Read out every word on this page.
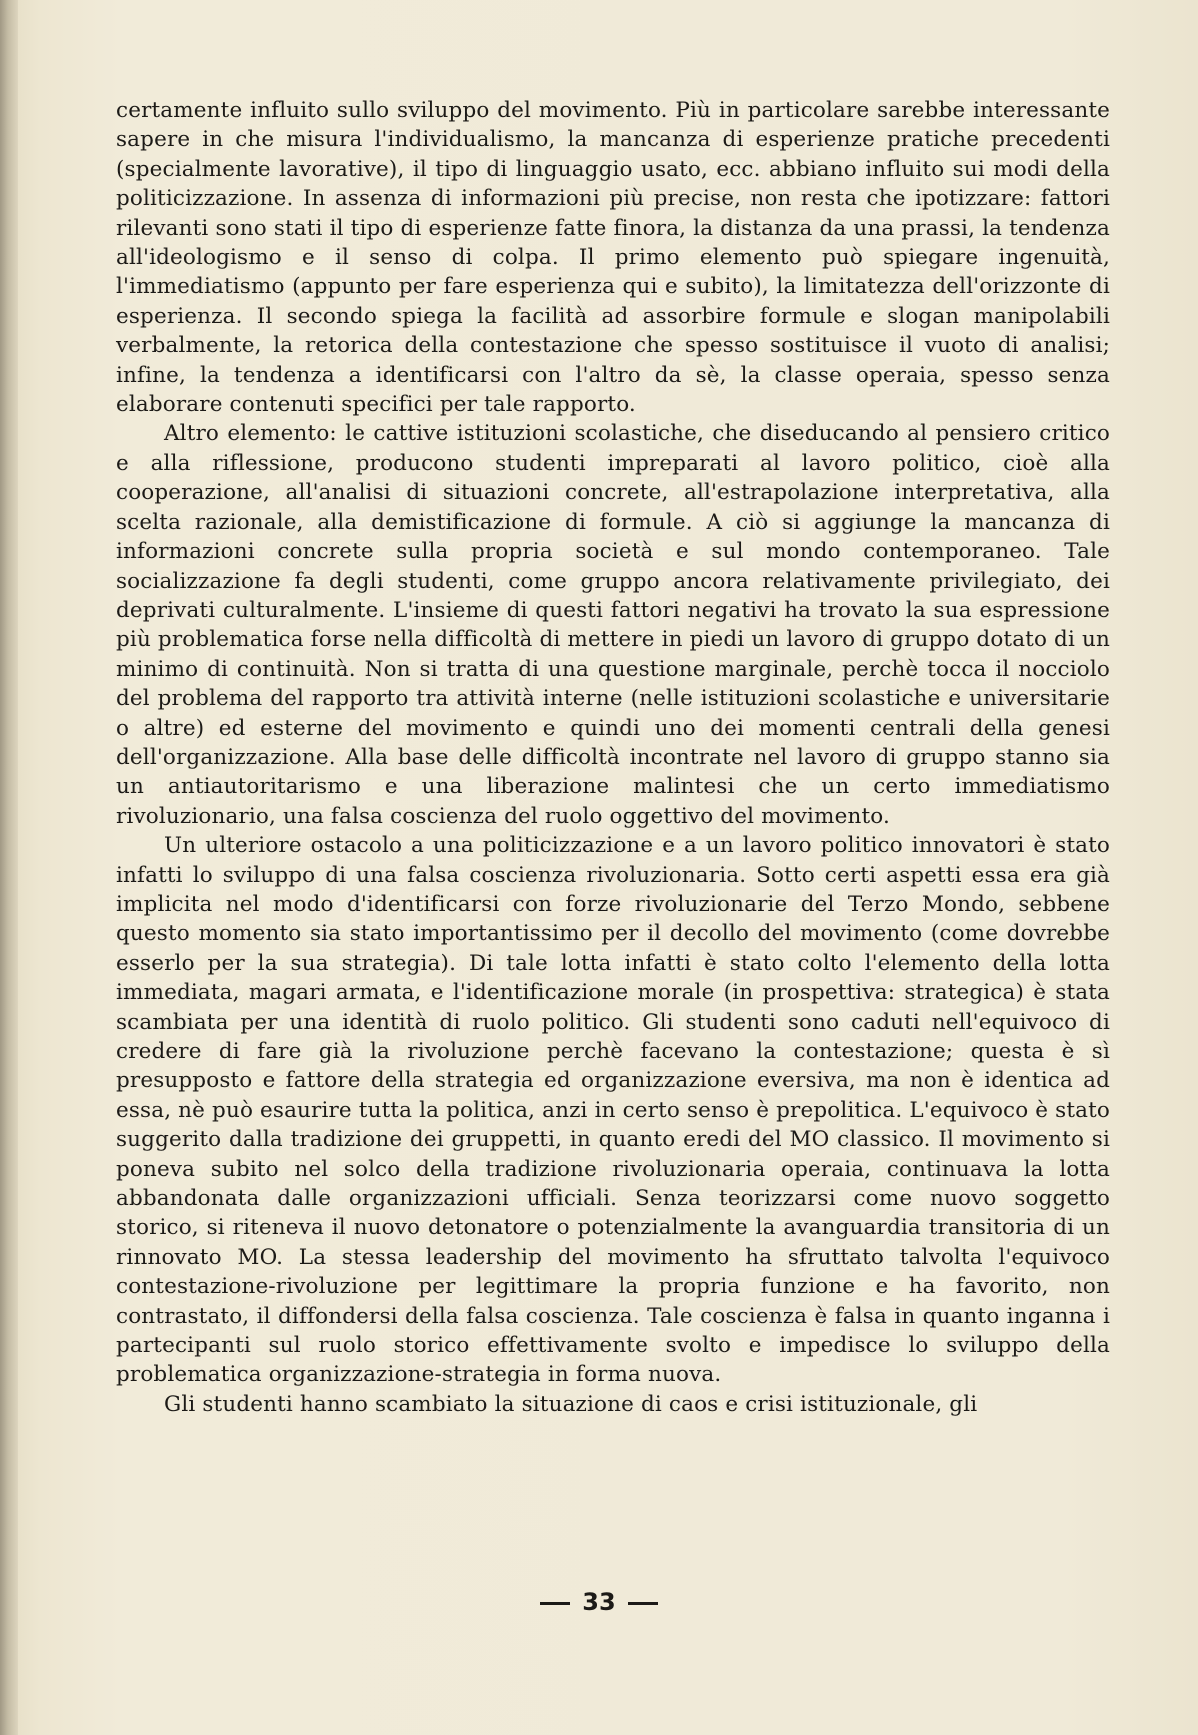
certamente influito sullo sviluppo del movimento. Più in particolare sarebbe interessante sapere in che misura l'individualismo, la mancanza di esperienze pratiche precedenti (specialmente lavorative), il tipo di linguaggio usato, ecc. abbiano influito sui modi della politicizzazione. In assenza di informazioni più precise, non resta che ipotizzare: fattori rilevanti sono stati il tipo di esperienze fatte finora, la distanza da una prassi, la tendenza all'ideologismo e il senso di colpa. Il primo elemento può spiegare ingenuità, l'immediatismo (appunto per fare esperienza qui e subito), la limitatezza dell'orizzonte di esperienza. Il secondo spiega la facilità ad assorbire formule e slogan manipolabili verbalmente, la retorica della contestazione che spesso sostituisce il vuoto di analisi; infine, la tendenza a identificarsi con l'altro da sè, la classe operaia, spesso senza elaborare contenuti specifici per tale rapporto.

Altro elemento: le cattive istituzioni scolastiche, che diseducando al pensiero critico e alla riflessione, producono studenti impreparati al lavoro politico, cioè alla cooperazione, all'analisi di situazioni concrete, all'estrapolazione interpretativa, alla scelta razionale, alla demistificazione di formule. A ciò si aggiunge la mancanza di informazioni concrete sulla propria società e sul mondo contemporaneo. Tale socializzazione fa degli studenti, come gruppo ancora relativamente privilegiato, dei deprivati culturalmente. L'insieme di questi fattori negativi ha trovato la sua espressione più problematica forse nella difficoltà di mettere in piedi un lavoro di gruppo dotato di un minimo di continuità. Non si tratta di una questione marginale, perchè tocca il nocciolo del problema del rapporto tra attività interne (nelle istituzioni scolastiche e universitarie o altre) ed esterne del movimento e quindi uno dei momenti centrali della genesi dell'organizzazione. Alla base delle difficoltà incontrate nel lavoro di gruppo stanno sia un antiautoritarismo e una liberazione malintesi che un certo immediatismo rivoluzionario, una falsa coscienza del ruolo oggettivo del movimento.

Un ulteriore ostacolo a una politicizzazione e a un lavoro politico innovatori è stato infatti lo sviluppo di una falsa coscienza rivoluzionaria. Sotto certi aspetti essa era già implicita nel modo d'identificarsi con forze rivoluzionarie del Terzo Mondo, sebbene questo momento sia stato importantissimo per il decollo del movimento (come dovrebbe esserlo per la sua strategia). Di tale lotta infatti è stato colto l'elemento della lotta immediata, magari armata, e l'identificazione morale (in prospettiva: strategica) è stata scambiata per una identità di ruolo politico. Gli studenti sono caduti nell'equivoco di credere di fare già la rivoluzione perchè facevano la contestazione; questa è sì presupposto e fattore della strategia ed organizzazione eversiva, ma non è identica ad essa, nè può esaurire tutta la politica, anzi in certo senso è prepolitica. L'equivoco è stato suggerito dalla tradizione dei gruppetti, in quanto eredi del MO classico. Il movimento si poneva subito nel solco della tradizione rivoluzionaria operaia, continuava la lotta abbandonata dalle organizzazioni ufficiali. Senza teorizzarsi come nuovo soggetto storico, si riteneva il nuovo detonatore o potenzialmente la avanguardia transitoria di un rinnovato MO. La stessa leadership del movimento ha sfruttato talvolta l'equivoco contestazione-rivoluzione per legittimare la propria funzione e ha favorito, non contrastato, il diffondersi della falsa coscienza. Tale coscienza è falsa in quanto inganna i partecipanti sul ruolo storico effettivamente svolto e impedisce lo sviluppo della problematica organizzazione-strategia in forma nuova.

Gli studenti hanno scambiato la situazione di caos e crisi istituzionale, gli

33
